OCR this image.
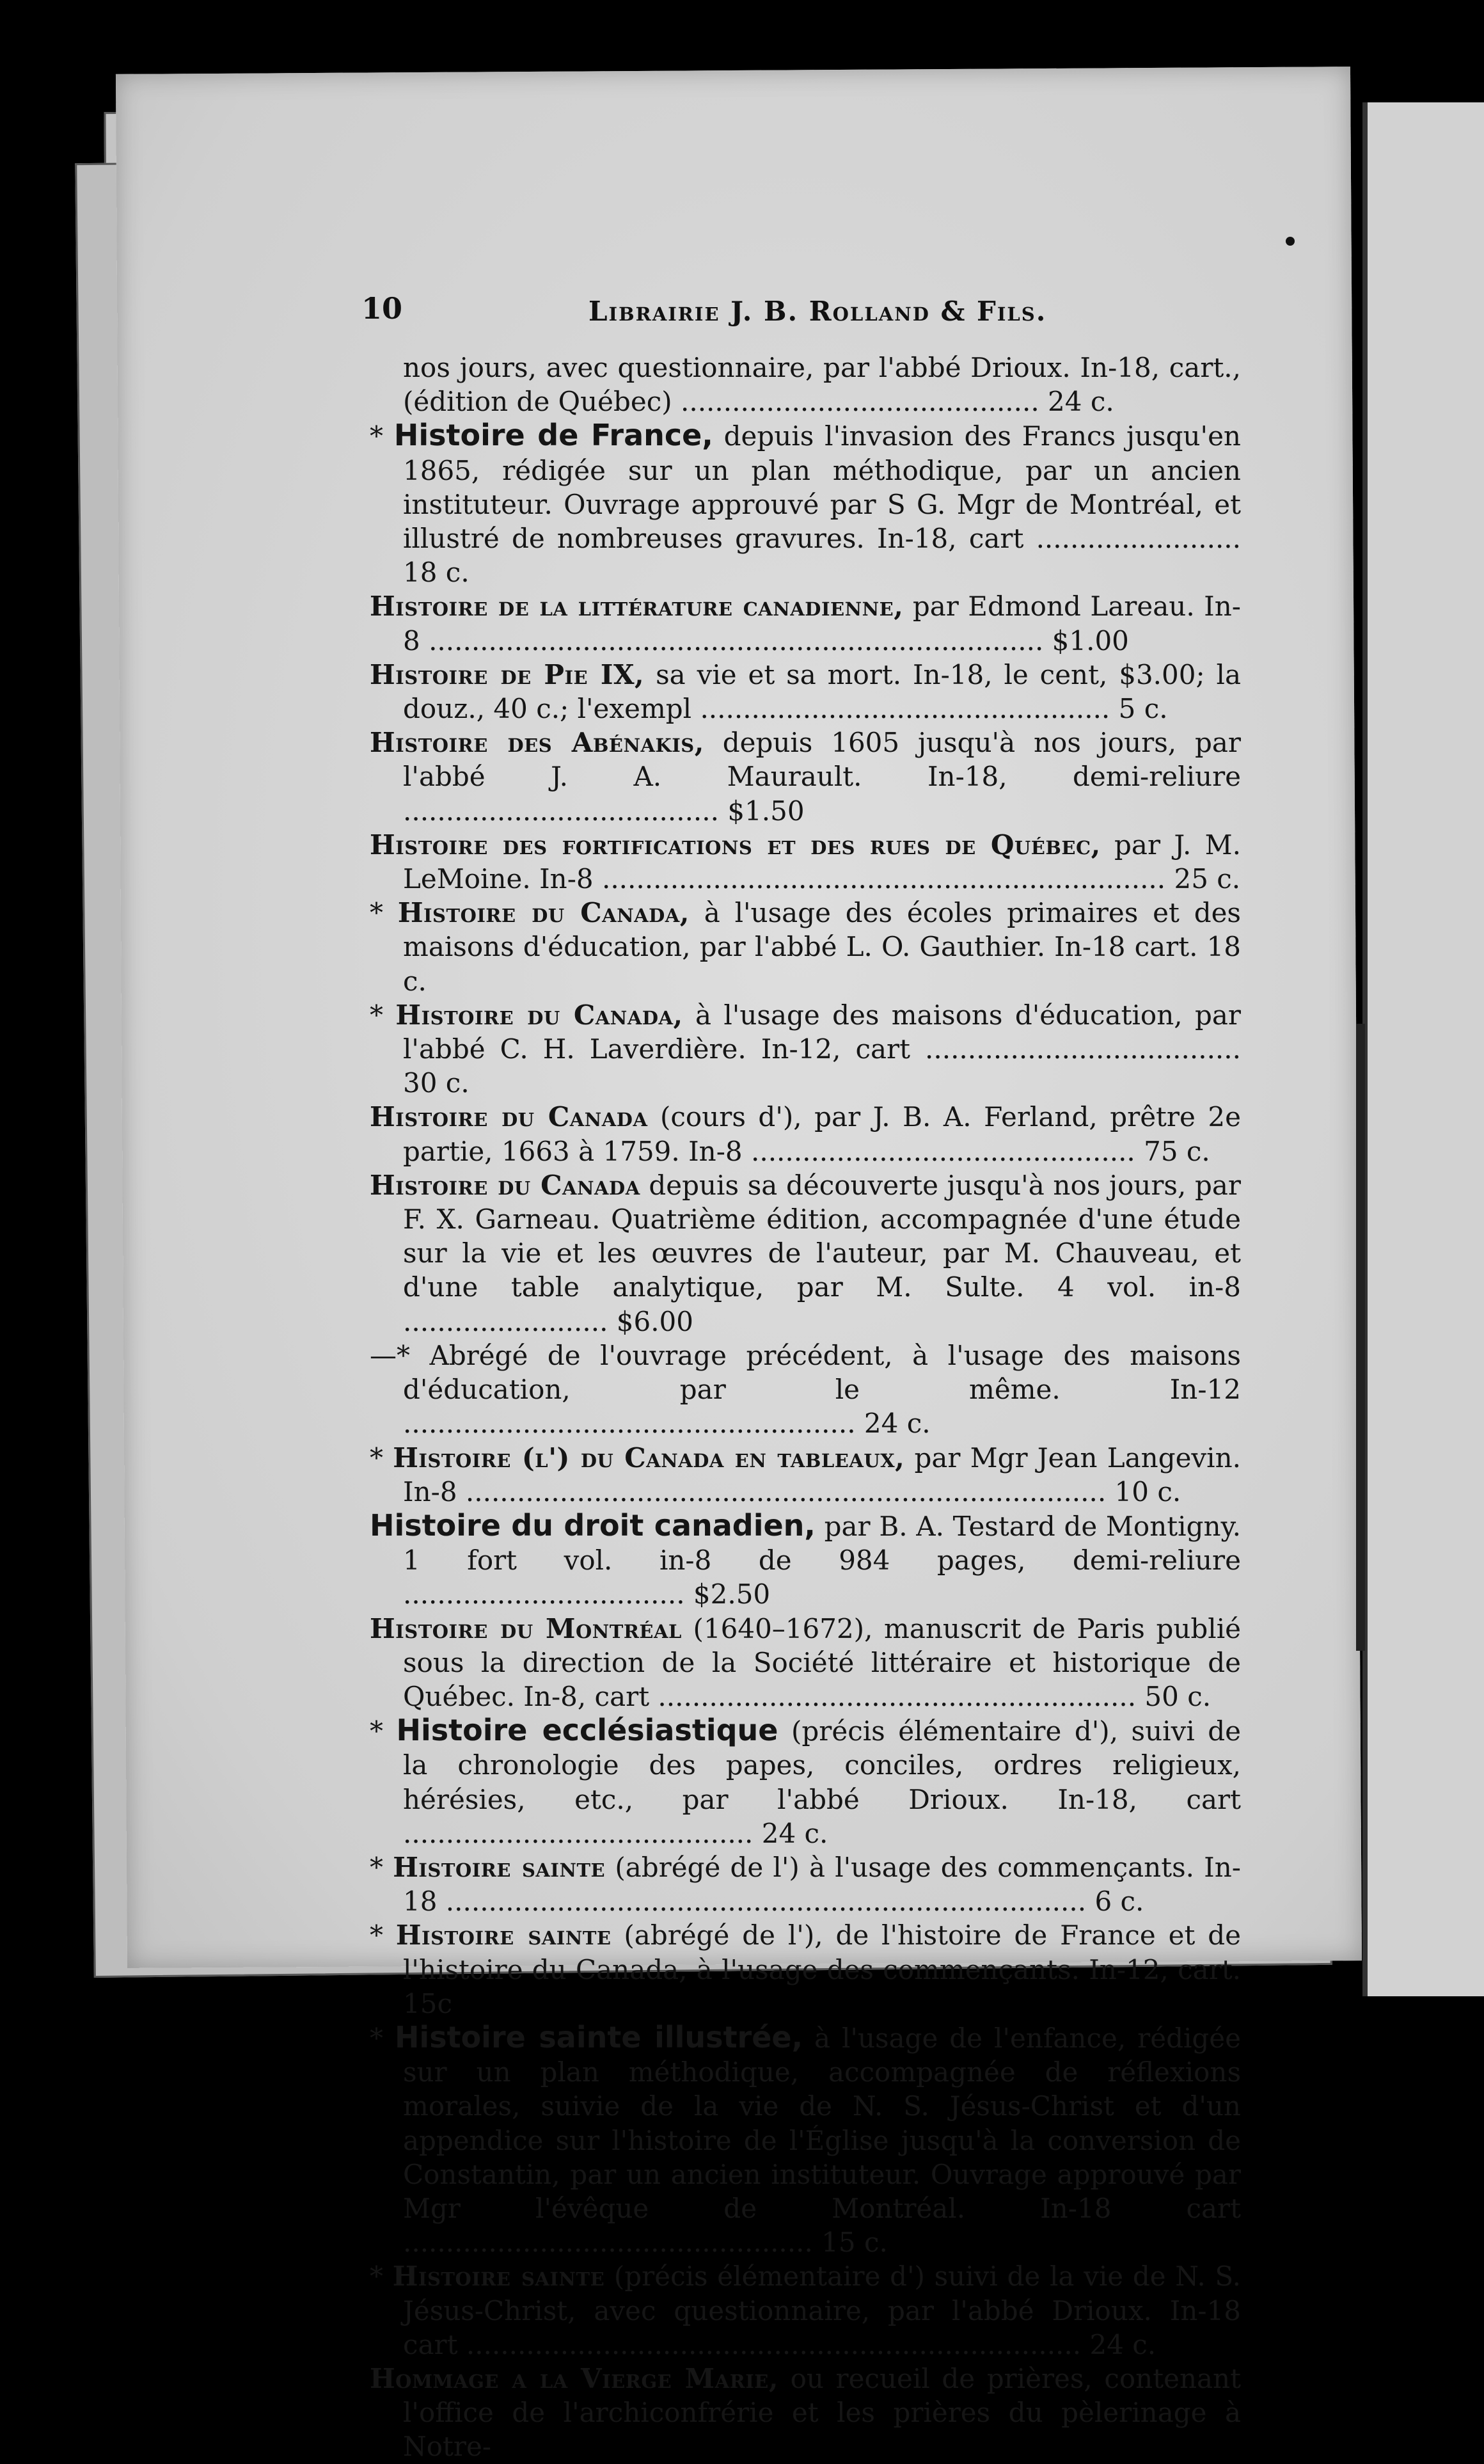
10	Librairie J. B. Rolland & Fils.

nos jours, avec questionnaire, par l'abbé Drioux. In-18, cart., (édition de Québec) .......................................... 24 c.

* Histoire de France, depuis l'invasion des Francs jusqu'en 1865, rédigée sur un plan méthodique, par un ancien instituteur. Ouvrage approuvé par S G. Mgr de Montréal, et illustré de nombreuses gravures. In-18, cart ........................ 18 c.

Histoire de la littérature canadienne, par Edmond Lareau. In-8 ........................................................................ $1.00

Histoire de Pie IX, sa vie et sa mort. In-18, le cent, $3.00; la douz., 40 c.; l'exempl ................................................ 5 c.

Histoire des Abénakis, depuis 1605 jusqu'à nos jours, par l'abbé J. A. Maurault. In-18, demi-reliure ..................................... $1.50

Histoire des fortifications et des rues de Québec, par J. M. LeMoine. In-8 .................................................................. 25 c.

* Histoire du Canada, à l'usage des écoles primaires et des maisons d'éducation, par l'abbé L. O. Gauthier. In-18 cart. 18 c.

* Histoire du Canada, à l'usage des maisons d'éducation, par l'abbé C. H. Laverdière. In-12, cart ..................................... 30 c.

Histoire du Canada (cours d'), par J. B. A. Ferland, prêtre 2e partie, 1663 à 1759. In-8 ............................................. 75 c.

Histoire du Canada depuis sa découverte jusqu'à nos jours, par F. X. Garneau. Quatrième édition, accompagnée d'une étude sur la vie et les œuvres de l'auteur, par M. Chauveau, et d'une table analytique, par M. Sulte. 4 vol. in-8 ........................ $6.00

—* Abrégé de l'ouvrage précédent, à l'usage des maisons d'éducation, par le même. In-12 ..................................................... 24 c.

* Histoire (l') du Canada en tableaux, par Mgr Jean Langevin. In-8 ........................................................................... 10 c.

Histoire du droit canadien, par B. A. Testard de Montigny. 1 fort vol. in-8 de 984 pages, demi-reliure ................................. $2.50

Histoire du Montréal (1640–1672), manuscrit de Paris publié sous la direction de la Société littéraire et historique de Québec. In-8, cart ........................................................ 50 c.

* Histoire ecclésiastique (précis élémentaire d'), suivi de la chronologie des papes, conciles, ordres religieux, hérésies, etc., par l'abbé Drioux. In-18, cart ......................................... 24 c.

* Histoire sainte (abrégé de l') à l'usage des commençants. In-18 ........................................................................... 6 c.

* Histoire sainte (abrégé de l'), de l'histoire de France et de l'histoire du Canada, à l'usage des commençants. In-12, cart. 15c

* Histoire sainte illustrée, à l'usage de l'enfance, rédigée sur un plan méthodique, accompagnée de réflexions morales, suivie de la vie de N. S. Jésus-Christ et d'un appendice sur l'histoire de l'Église jusqu'à la conversion de Constantin, par un ancien instituteur. Ouvrage approuvé par Mgr l'évêque de Montréal. In-18 cart ................................................ 15 c.

* Histoire sainte (précis élémentaire d') suivi de la vie de N. S. Jésus-Christ, avec questionnaire, par l'abbé Drioux. In-18 cart ........................................................................ 24 c.

Hommage a la Vierge Marie, ou recueil de prières, contenant l'office de l'archiconfrérie et les prières du pèlerinage à Notre-
